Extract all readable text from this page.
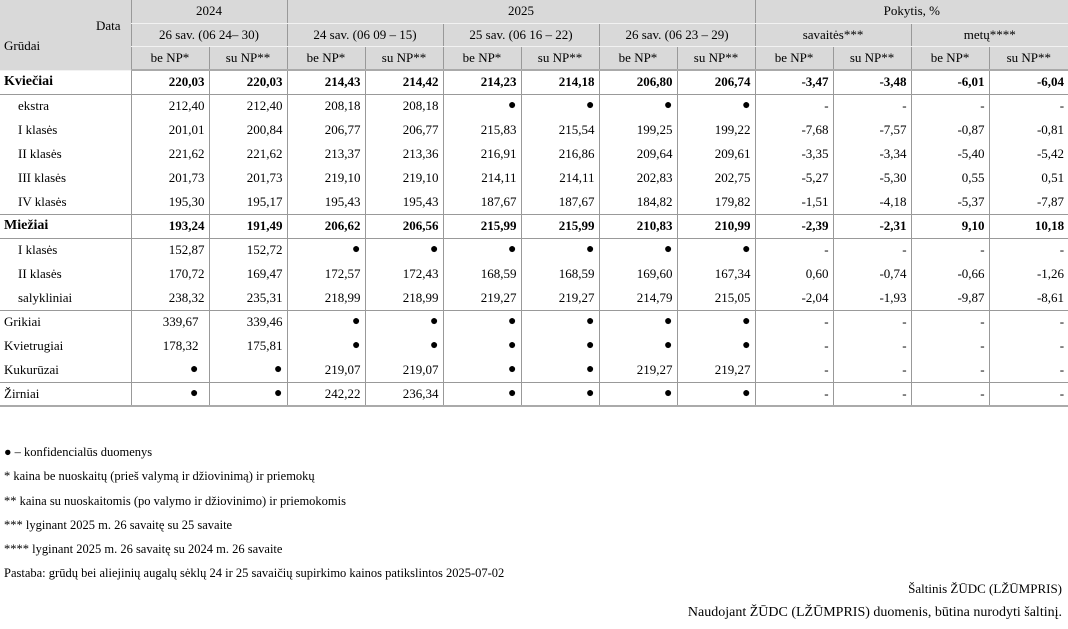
Data
Grūdai	2024		2025						Pokytis, %			
	26 sav. (06 24– 30)		24 sav. (06 09 – 15)		25 sav. (06 16 – 22)		26 sav. (06 23 – 29)		savaitės***		metų****	
	be NP*	su NP**	be NP*	su NP**	be NP*	su NP**	be NP*	su NP**	be NP*	su NP**	be NP*	su NP**
Kviečiai	220,03	220,03	214,43	214,42	214,23	214,18	206,80	206,74	-3,47	-3,48	-6,01	-6,04
ekstra	212,40	212,40	208,18	208,18	●	●	●	●	-	-	-	-
I klasės	201,01	200,84	206,77	206,77	215,83	215,54	199,25	199,22	-7,68	-7,57	-0,87	-0,81
II klasės	221,62	221,62	213,37	213,36	216,91	216,86	209,64	209,61	-3,35	-3,34	-5,40	-5,42
III klasės	201,73	201,73	219,10	219,10	214,11	214,11	202,83	202,75	-5,27	-5,30	0,55	0,51
IV klasės	195,30	195,17	195,43	195,43	187,67	187,67	184,82	179,82	-1,51	-4,18	-5,37	-7,87
Miežiai	193,24	191,49	206,62	206,56	215,99	215,99	210,83	210,99	-2,39	-2,31	9,10	10,18
I klasės	152,87	152,72	●	●	●	●	●	●	-	-	-	-
II klasės	170,72	169,47	172,57	172,43	168,59	168,59	169,60	167,34	0,60	-0,74	-0,66	-1,26
salykliniai	238,32	235,31	218,99	218,99	219,27	219,27	214,79	215,05	-2,04	-1,93	-9,87	-8,61
Grikiai	339,67	339,46	●	●	●	●	●	●	-	-	-	-
Kvietrugiai	178,32	175,81	●	●	●	●	●	●	-	-	-	-
Kukurūzai	●	●	219,07	219,07	●	●	219,27	219,27	-	-	-	-
Žirniai	●	●	242,22	236,34	●	●	●	●	-	-	-	-
● – konfidencialūs duomenys
* kaina be nuoskaitų (prieš valymą ir džiovinimą) ir priemokų
** kaina su nuoskaitomis (po valymo ir džiovinimo) ir priemokomis
*** lyginant 2025 m. 26 savaitę su 25 savaite
**** lyginant 2025 m. 26 savaitę su 2024 m. 26 savaite
Pastaba: grūdų bei aliejinių augalų sėklų 24 ir 25 savaičių supirkimo kainos patikslintos 2025-07-02
Šaltinis ŽŪDC (LŽŪMPRIS)
Naudojant ŽŪDC (LŽŪMPRIS) duomenis, būtina nurodyti šaltinį.
